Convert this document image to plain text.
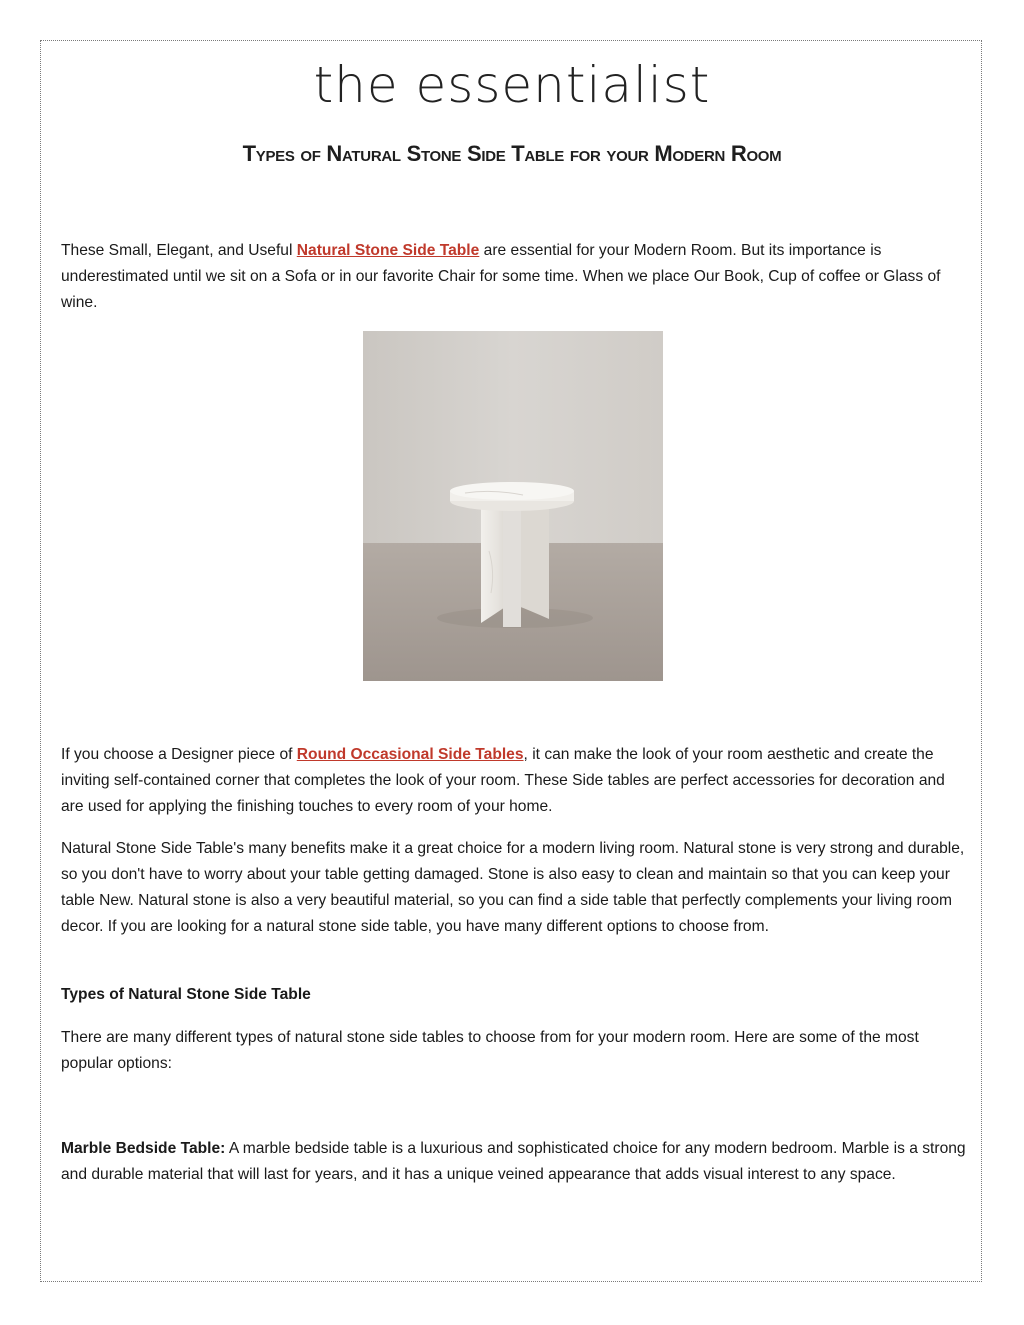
the essentialist
Types of Natural Stone Side Table for your Modern Room

These Small, Elegant, and Useful Natural Stone Side Table are essential for your Modern Room. But its importance is underestimated until we sit on a Sofa or in our favorite Chair for some time. When we place Our Book, Cup of coffee or Glass of wine.

If you choose a Designer piece of Round Occasional Side Tables, it can make the look of your room aesthetic and create the inviting self-contained corner that completes the look of your room. These Side tables are perfect accessories for decoration and are used for applying the finishing touches to every room of your home.

Natural Stone Side Table's many benefits make it a great choice for a modern living room. Natural stone is very strong and durable, so you don't have to worry about your table getting damaged. Stone is also easy to clean and maintain so that you can keep your table New. Natural stone is also a very beautiful material, so you can find a side table that perfectly complements your living room decor. If you are looking for a natural stone side table, you have many different options to choose from.

Types of Natural Stone Side Table

There are many different types of natural stone side tables to choose from for your modern room. Here are some of the most popular options:

Marble Bedside Table: A marble bedside table is a luxurious and sophisticated choice for any modern bedroom. Marble is a strong and durable material that will last for years, and it has a unique veined appearance that adds visual interest to any space.
